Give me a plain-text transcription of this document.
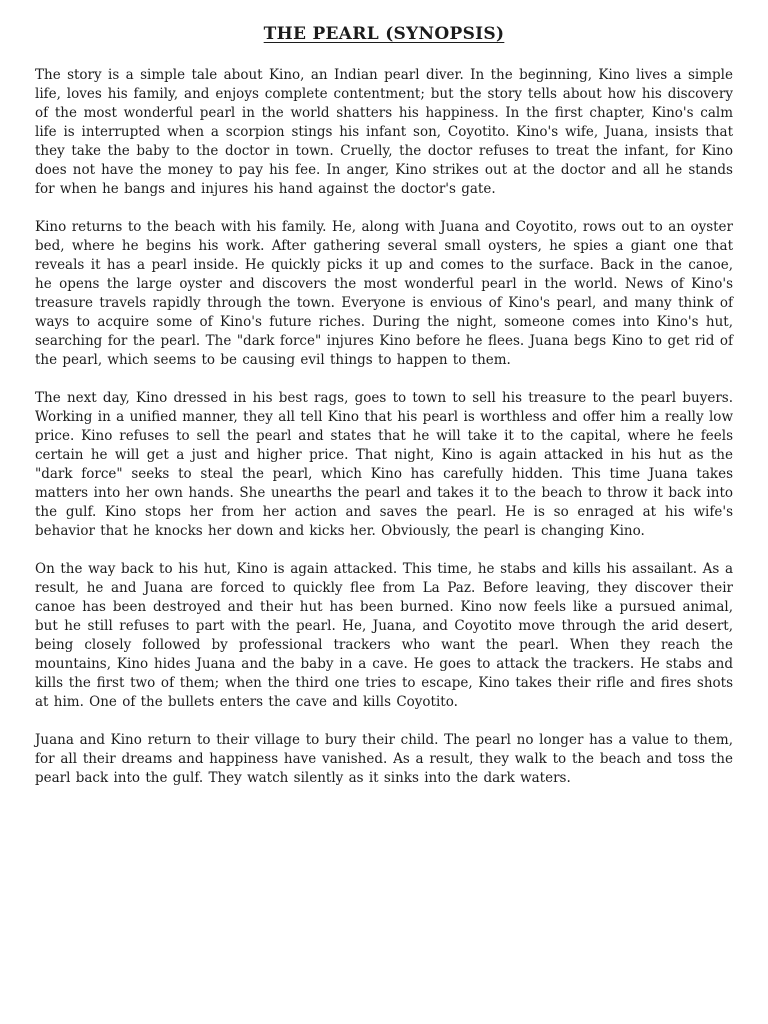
THE PEARL (SYNOPSIS)

The story is a simple tale about Kino, an Indian pearl diver. In the beginning, Kino lives a simple life, loves his family, and enjoys complete contentment; but the story tells about how his discovery of the most wonderful pearl in the world shatters his happiness. In the first chapter, Kino's calm life is interrupted when a scorpion stings his infant son, Coyotito. Kino's wife, Juana, insists that they take the baby to the doctor in town. Cruelly, the doctor refuses to treat the infant, for Kino does not have the money to pay his fee. In anger, Kino strikes out at the doctor and all he stands for when he bangs and injures his hand against the doctor's gate.

Kino returns to the beach with his family. He, along with Juana and Coyotito, rows out to an oyster bed, where he begins his work. After gathering several small oysters, he spies a giant one that reveals it has a pearl inside. He quickly picks it up and comes to the surface. Back in the canoe, he opens the large oyster and discovers the most wonderful pearl in the world. News of Kino's treasure travels rapidly through the town. Everyone is envious of Kino's pearl, and many think of ways to acquire some of Kino's future riches. During the night, someone comes into Kino's hut, searching for the pearl. The "dark force" injures Kino before he flees. Juana begs Kino to get rid of the pearl, which seems to be causing evil things to happen to them.

The next day, Kino dressed in his best rags, goes to town to sell his treasure to the pearl buyers. Working in a unified manner, they all tell Kino that his pearl is worthless and offer him a really low price. Kino refuses to sell the pearl and states that he will take it to the capital, where he feels certain he will get a just and higher price. That night, Kino is again attacked in his hut as the "dark force" seeks to steal the pearl, which Kino has carefully hidden. This time Juana takes matters into her own hands. She unearths the pearl and takes it to the beach to throw it back into the gulf. Kino stops her from her action and saves the pearl. He is so enraged at his wife's behavior that he knocks her down and kicks her. Obviously, the pearl is changing Kino.

On the way back to his hut, Kino is again attacked. This time, he stabs and kills his assailant. As a result, he and Juana are forced to quickly flee from La Paz. Before leaving, they discover their canoe has been destroyed and their hut has been burned. Kino now feels like a pursued animal, but he still refuses to part with the pearl. He, Juana, and Coyotito move through the arid desert, being closely followed by professional trackers who want the pearl. When they reach the mountains, Kino hides Juana and the baby in a cave. He goes to attack the trackers. He stabs and kills the first two of them; when the third one tries to escape, Kino takes their rifle and fires shots at him. One of the bullets enters the cave and kills Coyotito.

Juana and Kino return to their village to bury their child. The pearl no longer has a value to them, for all their dreams and happiness have vanished. As a result, they walk to the beach and toss the pearl back into the gulf. They watch silently as it sinks into the dark waters.
